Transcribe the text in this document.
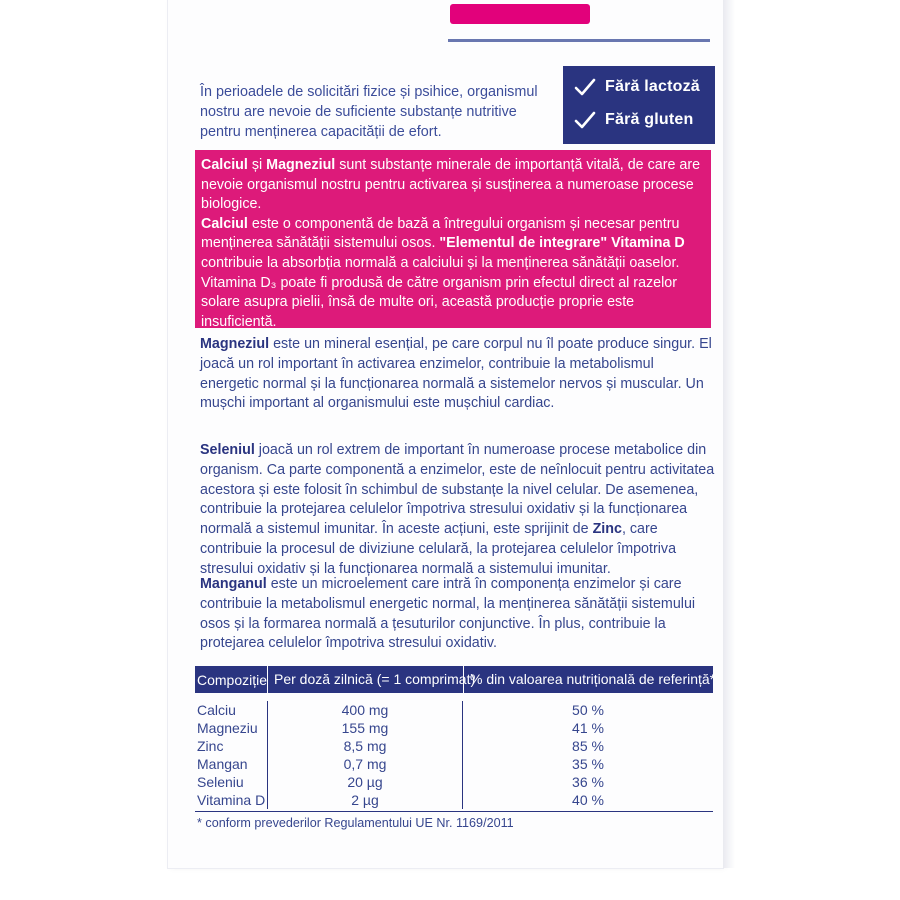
În perioadele de solicitări fizice și psihice, organismul nostru are nevoie de suficiente substanțe nutritive pentru menținerea capacității de efort.
Fără lactoză
Fără gluten
Calciul și Magneziul sunt substanțe minerale de importanță vitală, de care are nevoie organismul nostru pentru activarea și susținerea a numeroase procese biologice.
Calciul este o componentă de bază a întregului organism și necesar pentru menținerea sănătății sistemului osos. "Elementul de integrare" Vitamina D contribuie la absorbția normală a calciului și la menținerea sănătății oaselor. Vitamina D₃ poate fi produsă de către organism prin efectul direct al razelor solare asupra pielii, însă de multe ori, această producție proprie este insuficientă.
Magneziul este un mineral esențial, pe care corpul nu îl poate produce singur. El joacă un rol important în activarea enzimelor, contribuie la metabolismul energetic normal și la funcționarea normală a sistemelor nervos și muscular. Un mușchi important al organismului este mușchiul cardiac.
Seleniul joacă un rol extrem de important în numeroase procese metabolice din organism. Ca parte componentă a enzimelor, este de neînlocuit pentru activitatea acestora și este folosit în schimbul de substanțe la nivel celular. De asemenea, contribuie la protejarea celulelor împotriva stresului oxidativ și la funcționarea normală a sistemul imunitar. În aceste acțiuni, este sprijinit de Zinc, care contribuie la procesul de diviziune celulară, la protejarea celulelor împotriva stresului oxidativ și la funcționarea normală a sistemului imunitar.
Manganul este un microelement care intră în componența enzimelor și care contribuie la metabolismul energetic normal, la menținerea sănătății sistemului osos și la formarea normală a țesuturilor conjunctive. În plus, contribuie la protejarea celulelor împotriva stresului oxidativ.
Compoziție Per doză zilnică (= 1 comprimat)
% din valoarea nutrițională de referință*
Calciu
Magneziu
Zinc
Mangan
Seleniu
Vitamina D
400 mg
155 mg
8,5 mg
0,7 mg
20 µg
2 µg
50 %
41 %
85 %
35 %
36 %
40 %
* conform prevederilor Regulamentului UE Nr. 1169/2011
